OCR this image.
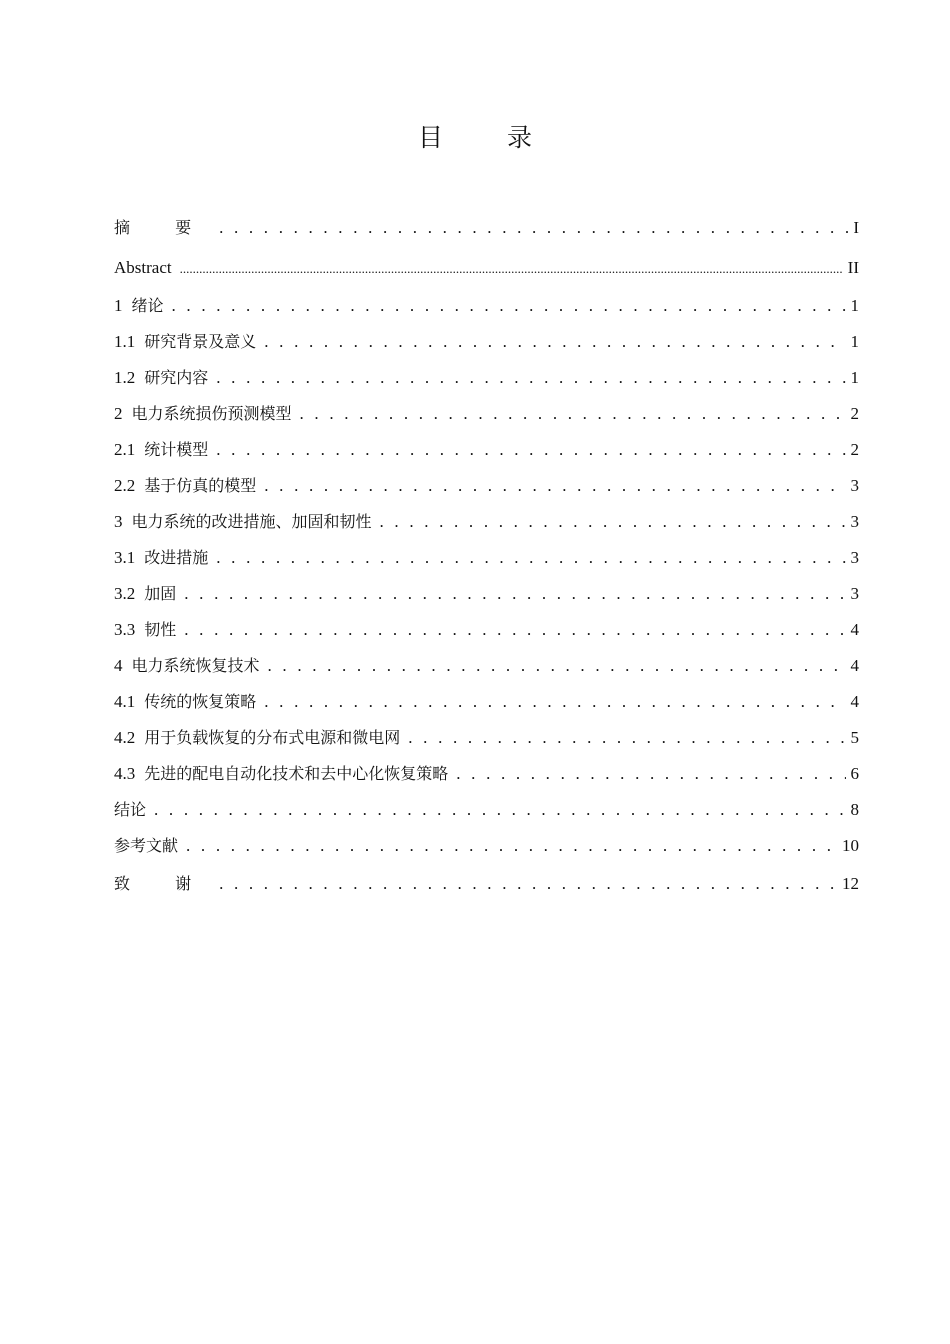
目 录
摘 要 . . .	I
Abstract .....	II
1 绪论 . . .	1
1.1 研究背景及意义 . . .	1
1.2 研究内容 . . .	1
2 电力系统损伤预测模型 . . .	2
2.1 统计模型 . . .	2
2.2 基于仿真的模型 . . .	3
3 电力系统的改进措施、加固和韧性 . . .	3
3.1 改进措施 . . .	3
3.2 加固 . . .	3
3.3 韧性 . . .	4
4 电力系统恢复技术 . . .	4
4.1 传统的恢复策略 . . .	4
4.2 用于负载恢复的分布式电源和微电网 . . .	5
4.3 先进的配电自动化技术和去中心化恢复策略 . . .	6
结论 . . .	8
参考文献 . . .	10
致 谢 . . .	12
